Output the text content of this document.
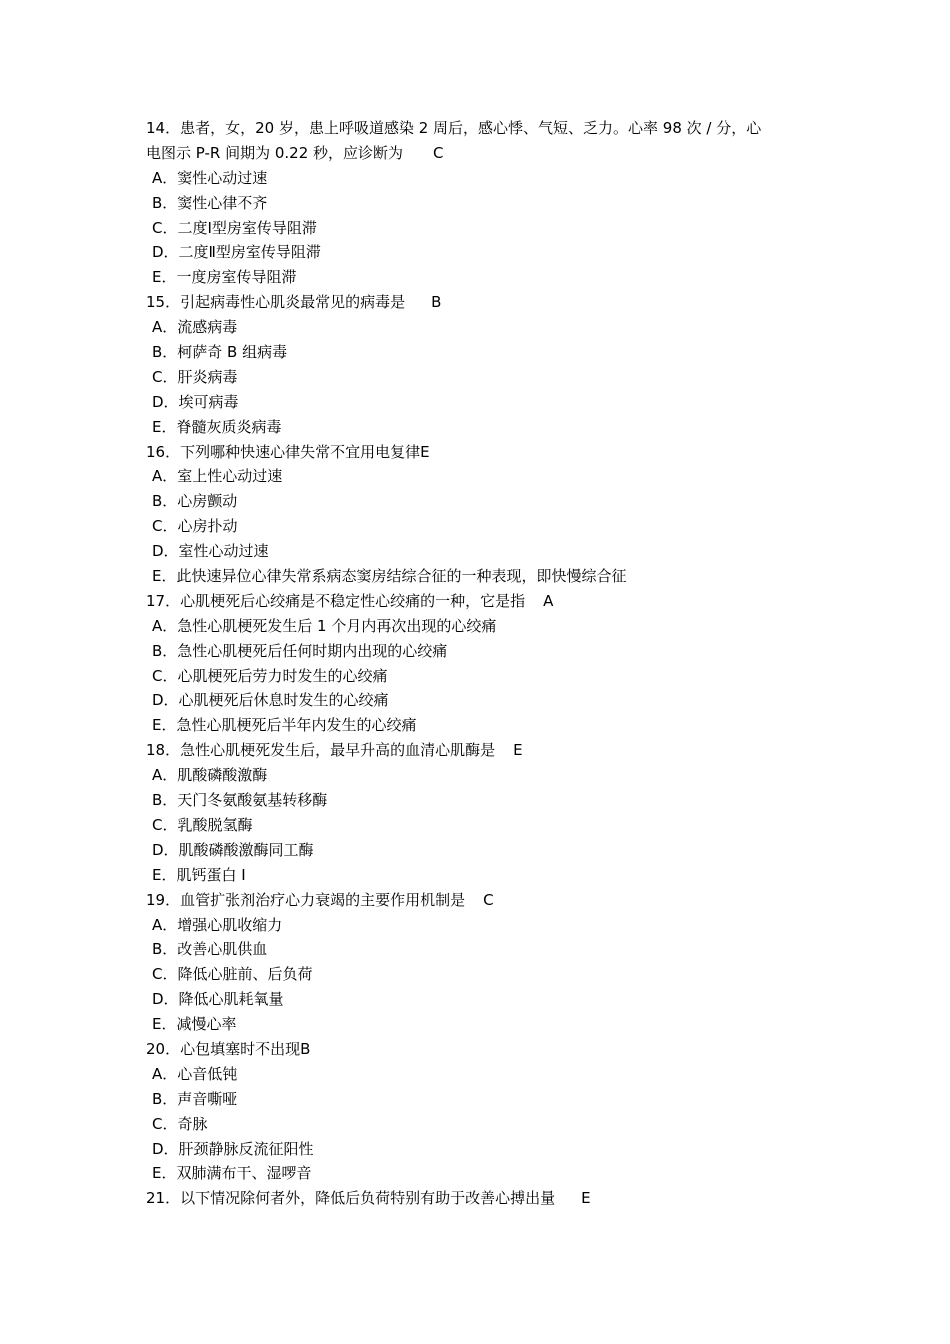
14．患者，女，20 岁，患上呼吸道感染 2 周后，感心悸、气短、乏力。心率 98 次 / 分，心
电图示 P-R 间期为 0.22 秒，应诊断为 C
A．窦性心动过速
B．窦性心律不齐
C．二度Ⅰ型房室传导阻滞
D．二度Ⅱ型房室传导阻滞
E．一度房室传导阻滞
15．引起病毒性心肌炎最常见的病毒是 B
A．流感病毒
B．柯萨奇 B 组病毒
C．肝炎病毒
D．埃可病毒
E．脊髓灰质炎病毒
16．下列哪种快速心律失常不宜用电复律E
A．室上性心动过速
B．心房颤动
C．心房扑动
D．室性心动过速
E．此快速异位心律失常系病态窦房结综合征的一种表现，即快慢综合征
17．心肌梗死后心绞痛是不稳定性心绞痛的一种，它是指 A
A．急性心肌梗死发生后 1 个月内再次出现的心绞痛
B．急性心肌梗死后任何时期内出现的心绞痛
C．心肌梗死后劳力时发生的心绞痛
D．心肌梗死后休息时发生的心绞痛
E．急性心肌梗死后半年内发生的心绞痛
18．急性心肌梗死发生后，最早升高的血清心肌酶是 E
A．肌酸磷酸激酶
B．天门冬氨酸氨基转移酶
C．乳酸脱氢酶
D．肌酸磷酸激酶同工酶
E．肌钙蛋白 I
19．血管扩张剂治疗心力衰竭的主要作用机制是 C
A．增强心肌收缩力
B．改善心肌供血
C．降低心脏前、后负荷
D．降低心肌耗氧量
E．减慢心率
20．心包填塞时不出现B
A．心音低钝
B．声音嘶哑
C．奇脉
D．肝颈静脉反流征阳性
E．双肺满布干、湿啰音
21．以下情况除何者外，降低后负荷特别有助于改善心搏出量 E
